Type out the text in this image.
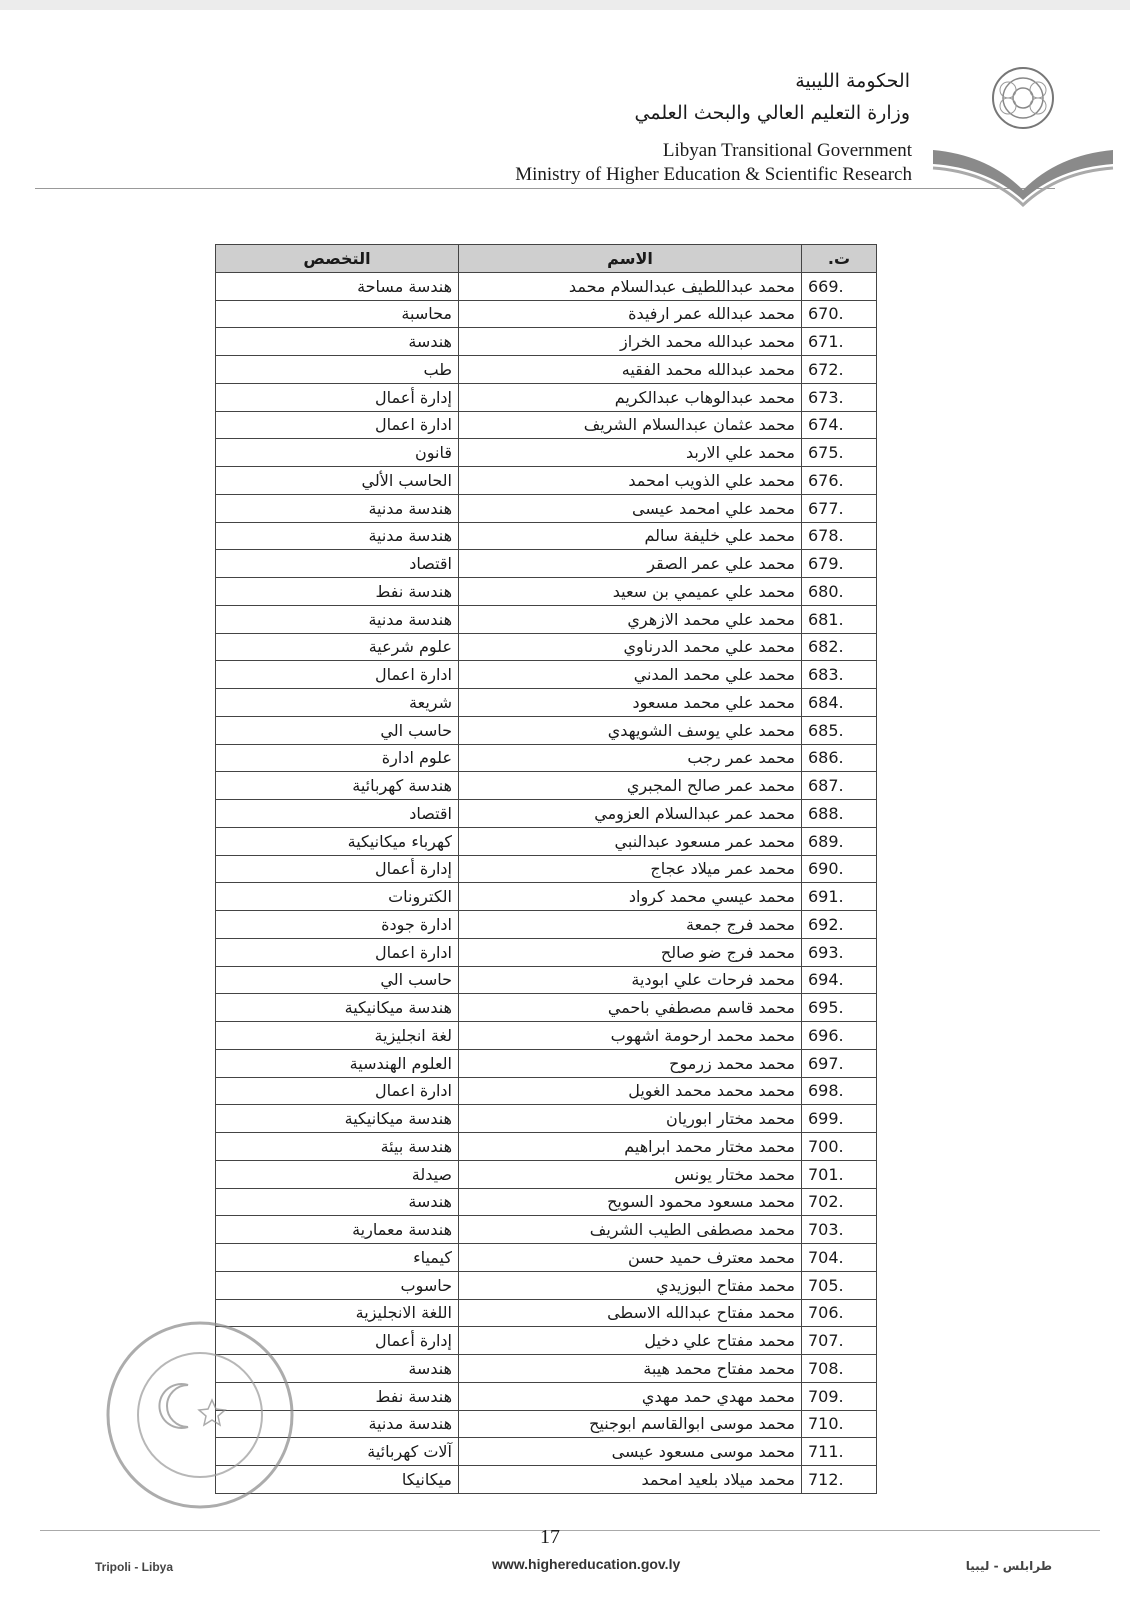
الحكومة الليبية
وزارة التعليم العالي والبحث العلمي
Libyan Transitional Government
Ministry of Higher Education & Scientific Research
التخصص	الاسم	ت.
هندسة مساحة	محمد عبداللطيف عبدالسلام محمد	669.
محاسبة	محمد عبدالله عمر ارفيدة	670.
هندسة	محمد عبدالله محمد الخراز	671.
طب	محمد عبدالله محمد الفقيه	672.
إدارة أعمال	محمد عبدالوهاب عبدالكريم	673.
ادارة اعمال	محمد عثمان عبدالسلام الشريف	674.
قانون	محمد علي الاربد	675.
الحاسب الألي	محمد علي الذويب امحمد	676.
هندسة مدنية	محمد علي امحمد عيسى	677.
هندسة مدنية	محمد علي خليفة سالم	678.
اقتصاد	محمد علي عمر الصقر	679.
هندسة نفط	محمد علي عميمي بن سعيد	680.
هندسة مدنية	محمد علي محمد الازهري	681.
علوم شرعية	محمد علي محمد الدرناوي	682.
ادارة اعمال	محمد علي محمد المدني	683.
شريعة	محمد علي محمد مسعود	684.
حاسب الي	محمد علي يوسف الشويهدي	685.
علوم ادارة	محمد عمر رجب	686.
هندسة كهربائية	محمد عمر صالح المجبري	687.
اقتصاد	محمد عمر عبدالسلام العزومي	688.
كهرباء ميكانيكية	محمد عمر مسعود عبدالنبي	689.
إدارة أعمال	محمد عمر ميلاد عجاج	690.
الكترونات	محمد عيسي محمد كرواد	691.
ادارة جودة	محمد فرج جمعة	692.
ادارة اعمال	محمد فرج ضو صالح	693.
حاسب الي	محمد فرحات علي ابودية	694.
هندسة ميكانيكية	محمد قاسم مصطفي باحمي	695.
لغة انجليزية	محمد محمد ارحومة اشهوب	696.
العلوم الهندسية	محمد محمد زرموح	697.
ادارة اعمال	محمد محمد محمد الغويل	698.
هندسة ميكانيكية	محمد مختار ابوريان	699.
هندسة بيئة	محمد مختار محمد ابراهيم	700.
صيدلة	محمد مختار يونس	701.
هندسة	محمد مسعود محمود السويح	702.
هندسة معمارية	محمد مصطفى الطيب الشريف	703.
كيمياء	محمد معترف حميد حسن	704.
حاسوب	محمد مفتاح البوزيدي	705.
اللغة الانجليزية	محمد مفتاح عبدالله الاسطى	706.
إدارة أعمال	محمد مفتاح علي دخيل	707.
هندسة	محمد مفتاح محمد هيبة	708.
هندسة نفط	محمد مهدي حمد مهدي	709.
هندسة مدنية	محمد موسى ابوالقاسم ابوجنيح	710.
آلات كهربائية	محمد موسى مسعود عيسى	711.
ميكانيكا	محمد ميلاد بلعيد امحمد	712.
17
Tripoli - Libya	www.highereducation.gov.ly	طرابلس - ليبيا
